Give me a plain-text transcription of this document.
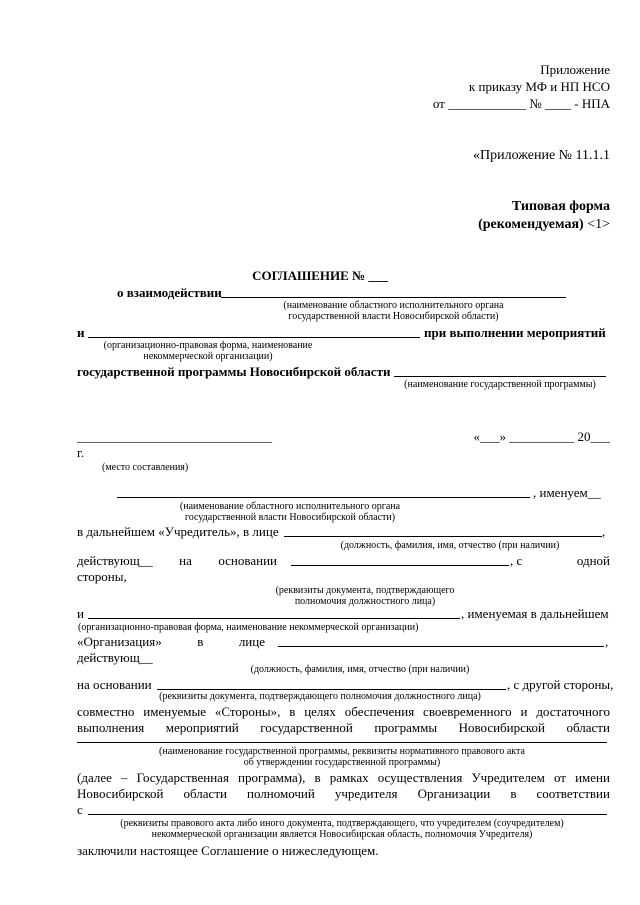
Приложение
к приказу МФ и НП НСО
от ____________ № ____ - НПА
«Приложение № 11.1.1
Типовая форма
(рекомендуемая) <1>
СОГЛАШЕНИЕ № ___
о взаимодействии
(наименование областного исполнительного органа
государственной власти Новосибирской области)
и	при выполнении мероприятий
(организационно-правовая форма, наименование
некоммерческой организации)
государственной программы Новосибирской области
(наименование государственной программы)
______________________________	«___» __________ 20___
г.
(место составления)
, именуем__
(наименование областного исполнительного органа
государственной власти Новосибирской области)
в дальнейшем «Учредитель», в лице	,
(должность, фамилия, имя, отчество (при наличии)
действующ__ на основании	, с	одной
стороны,
(реквизиты документа, подтверждающего
полномочия должностного лица)
и	, именуемая в дальнейшем
(организационно-правовая форма, наименование некоммерческой организации)
«Организация»	в	лице	,
действующ__
(должность, фамилия, имя, отчество (при наличии)
на основании	, с другой стороны,
(реквизиты документа, подтверждающего полномочия должностного лица)
совместно именуемые «Стороны», в целях обеспечения своевременного и достаточного
выполнения мероприятий государственной программы Новосибирской области
(наименование государственной программы, реквизиты нормативного правового акта
об утверждении государственной программы)
(далее – Государственная программа), в рамках осуществления Учредителем от имени
Новосибирской области полномочий учредителя Организации в соответствии
с
(реквизиты правового акта либо иного документа, подтверждающего, что учредителем (соучредителем)
некоммерческой организации является Новосибирская область, полномочия Учредителя)
заключили настоящее Соглашение о нижеследующем.
